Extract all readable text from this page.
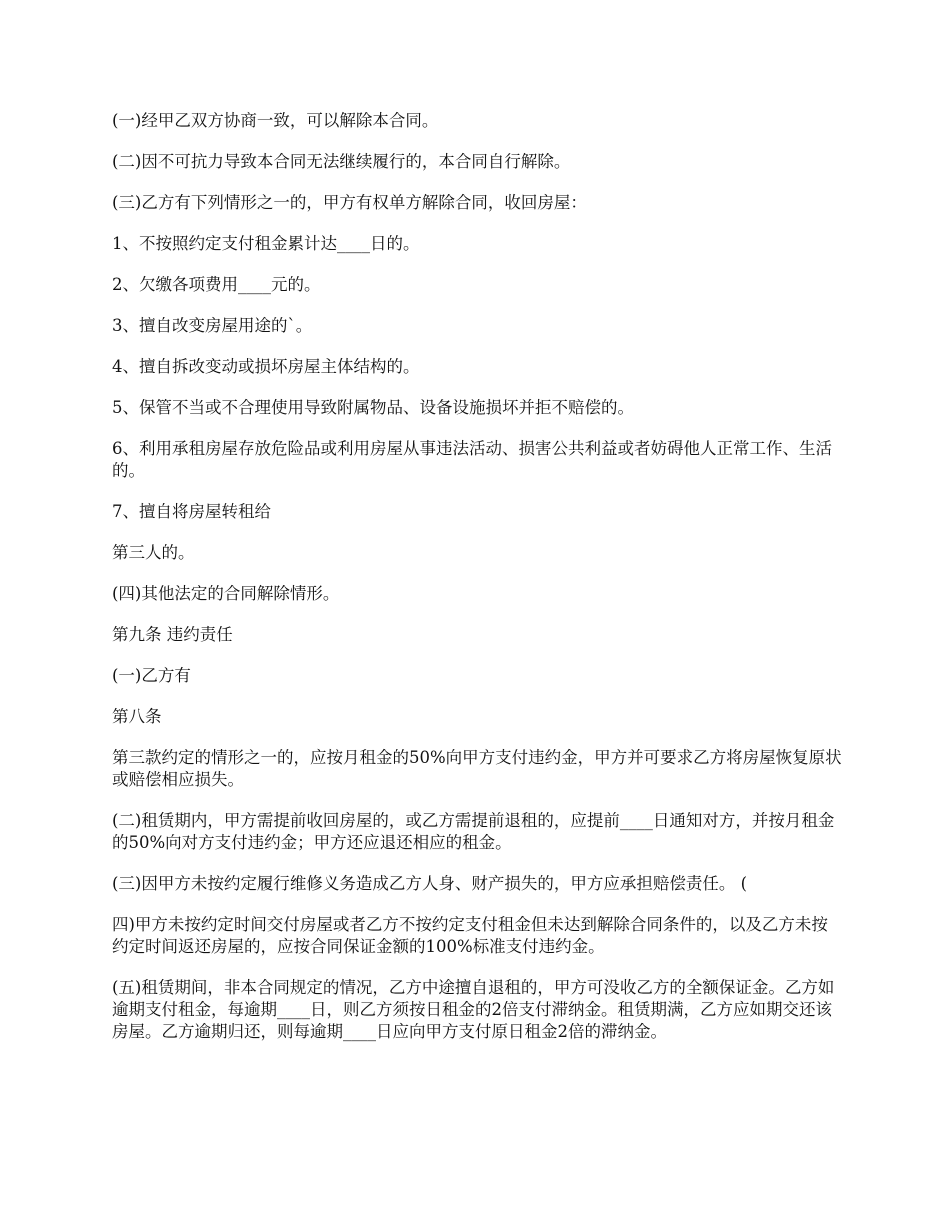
(一)经甲乙双方协商一致，可以解除本合同。

(二)因不可抗力导致本合同无法继续履行的，本合同自行解除。

(三)乙方有下列情形之一的，甲方有权单方解除合同，收回房屋：

1、不按照约定支付租金累计达____日的。

2、欠缴各项费用____元的。

3、擅自改变房屋用途的`。

4、擅自拆改变动或损坏房屋主体结构的。

5、保管不当或不合理使用导致附属物品、设备设施损坏并拒不赔偿的。

6、利用承租房屋存放危险品或利用房屋从事违法活动、损害公共利益或者妨碍他人正常工作、生活的。

7、擅自将房屋转租给

第三人的。

(四)其他法定的合同解除情形。

第九条 违约责任

(一)乙方有

第八条

第三款约定的情形之一的，应按月租金的50%向甲方支付违约金，甲方并可要求乙方将房屋恢复原状或赔偿相应损失。

(二)租赁期内，甲方需提前收回房屋的，或乙方需提前退租的，应提前____日通知对方，并按月租金的50%向对方支付违约金；甲方还应退还相应的租金。

(三)因甲方未按约定履行维修义务造成乙方人身、财产损失的，甲方应承担赔偿责任。 (

四)甲方未按约定时间交付房屋或者乙方不按约定支付租金但未达到解除合同条件的，以及乙方未按约定时间返还房屋的，应按合同保证金额的100%标准支付违约金。

(五)租赁期间，非本合同规定的情况，乙方中途擅自退租的，甲方可没收乙方的全额保证金。乙方如逾期支付租金，每逾期____日，则乙方须按日租金的2倍支付滞纳金。租赁期满，乙方应如期交还该房屋。乙方逾期归还，则每逾期____日应向甲方支付原日租金2倍的滞纳金。
